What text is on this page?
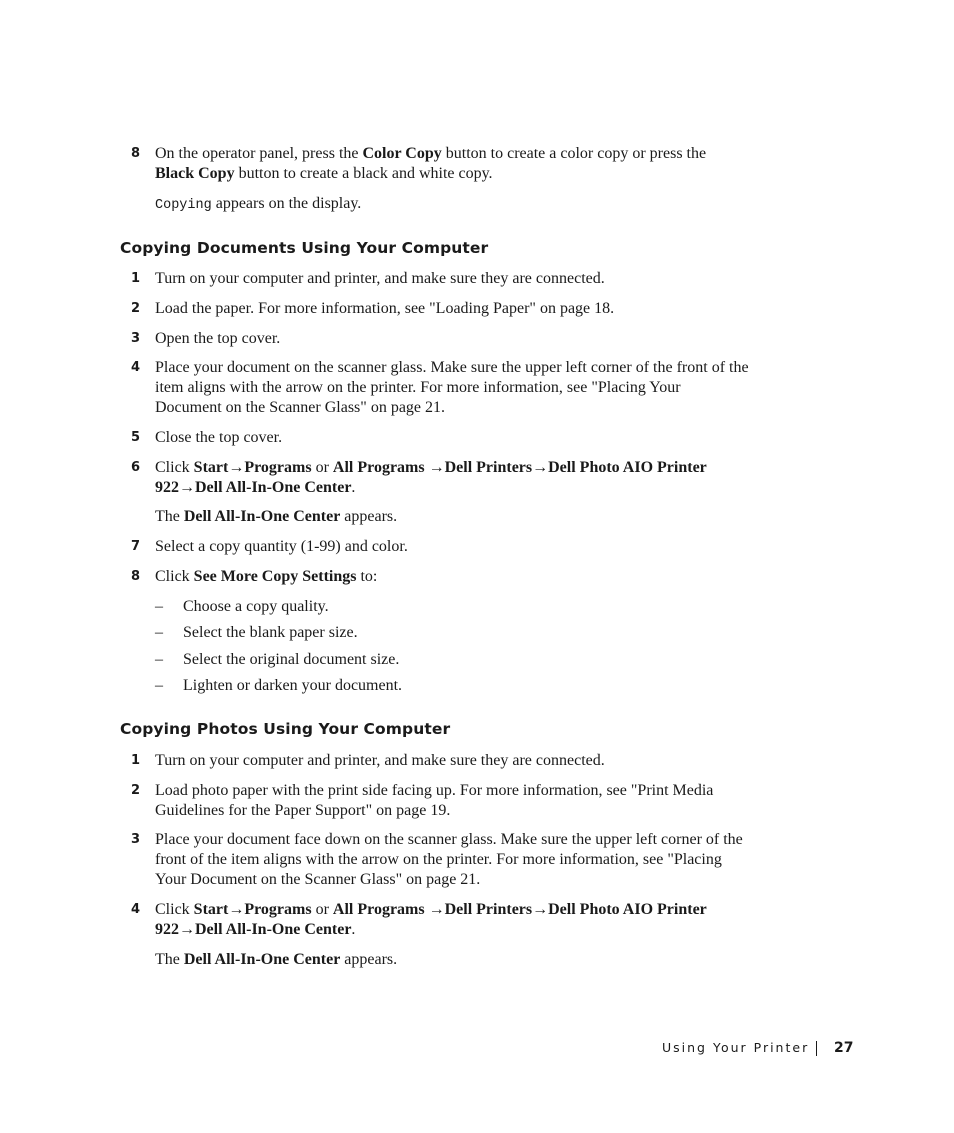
8 On the operator panel, press the Color Copy button to create a color copy or press the Black Copy button to create a black and white copy.
Copying appears on the display.
Copying Documents Using Your Computer
1 Turn on your computer and printer, and make sure they are connected.
2 Load the paper. For more information, see "Loading Paper" on page 18.
3 Open the top cover.
4 Place your document on the scanner glass. Make sure the upper left corner of the front of the item aligns with the arrow on the printer. For more information, see "Placing Your Document on the Scanner Glass" on page 21.
5 Close the top cover.
6 Click Start→Programs or All Programs →Dell Printers→Dell Photo AIO Printer 922→Dell All-In-One Center.
The Dell All-In-One Center appears.
7 Select a copy quantity (1-99) and color.
8 Click See More Copy Settings to:
– Choose a copy quality.
– Select the blank paper size.
– Select the original document size.
– Lighten or darken your document.
Copying Photos Using Your Computer
1 Turn on your computer and printer, and make sure they are connected.
2 Load photo paper with the print side facing up. For more information, see "Print Media Guidelines for the Paper Support" on page 19.
3 Place your document face down on the scanner glass. Make sure the upper left corner of the front of the item aligns with the arrow on the printer. For more information, see "Placing Your Document on the Scanner Glass" on page 21.
4 Click Start→Programs or All Programs →Dell Printers→Dell Photo AIO Printer 922→Dell All-In-One Center.
The Dell All-In-One Center appears.
Using Your Printer 27
